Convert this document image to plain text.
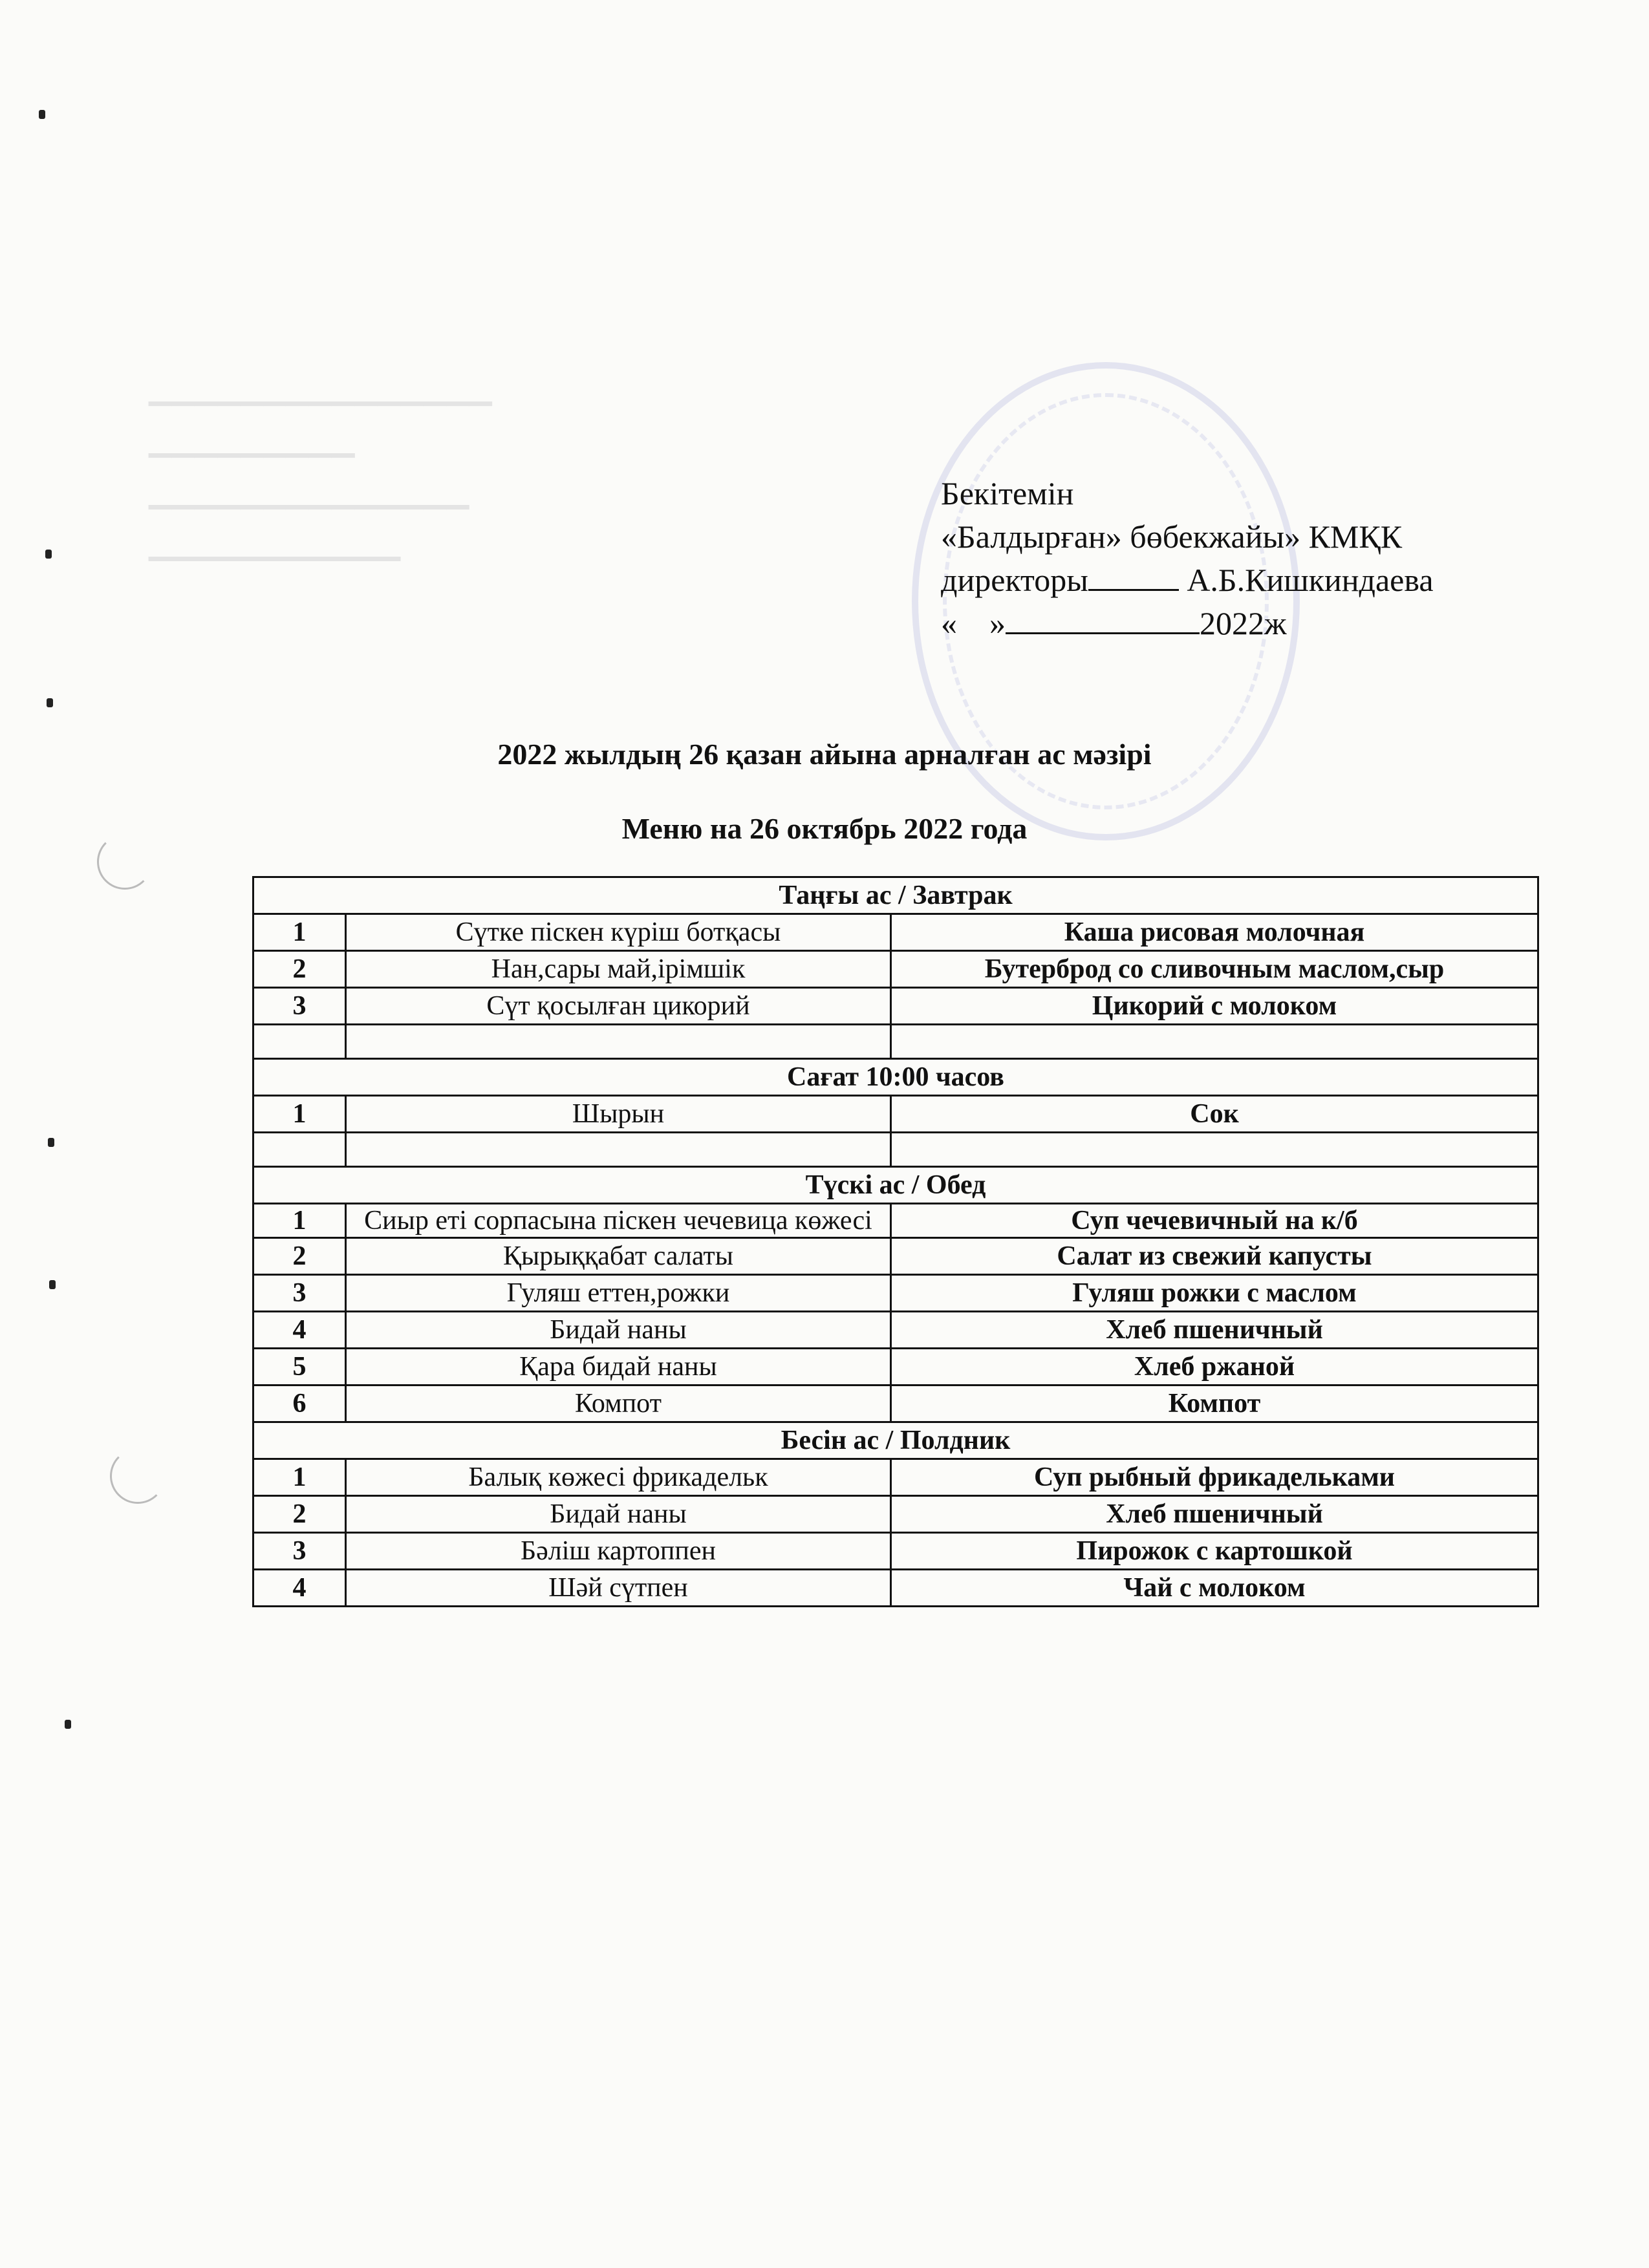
▔▔▔▔▔▔▔▔▔▔▔
▔▔▔▔▔▔▔▔▔▔▔▔▔▔
▔▔▔▔▔▔▔▔▔
▔▔▔▔▔▔▔▔▔▔▔▔▔▔▔
Бекітемін
«Балдырған» бөбекжайы» КМҚК
директоры	А.Б.Кишкиндаева
« »	2022ж
2022 жылдың 26 қазан айына арналған ас мәзірі
Меню на 26 октябрь 2022 года
Таңғы ас / Завтрак		
1	Сүтке піскен күріш ботқасы	Каша рисовая молочная
2	Нан,сары май,ірімшік	Бутерброд со сливочным маслом,сыр
3	Сүт қосылған цикорий	Цикорий с молоком

Сағат 10:00 часов		
1	Шырын	Сок

Түскі ас / Обед		
1	Сиыр еті сорпасына піскен чечевица көжесі	Суп чечевичный на к/б
2	Қырыққабат салаты	Салат из свежий капусты
3	Гуляш еттен,рожки	Гуляш рожки с маслом
4	Бидай наны	Хлеб пшеничный
5	Қара бидай наны	Хлеб ржаной
6	Компот	Компот
Бесін ас / Полдник		
1	Балық көжесі фрикадельк	Суп рыбный фрикадельками
2	Бидай наны	Хлеб пшеничный
3	Бәліш картоппен	Пирожок с картошкой
4	Шәй сүтпен	Чай с молоком
